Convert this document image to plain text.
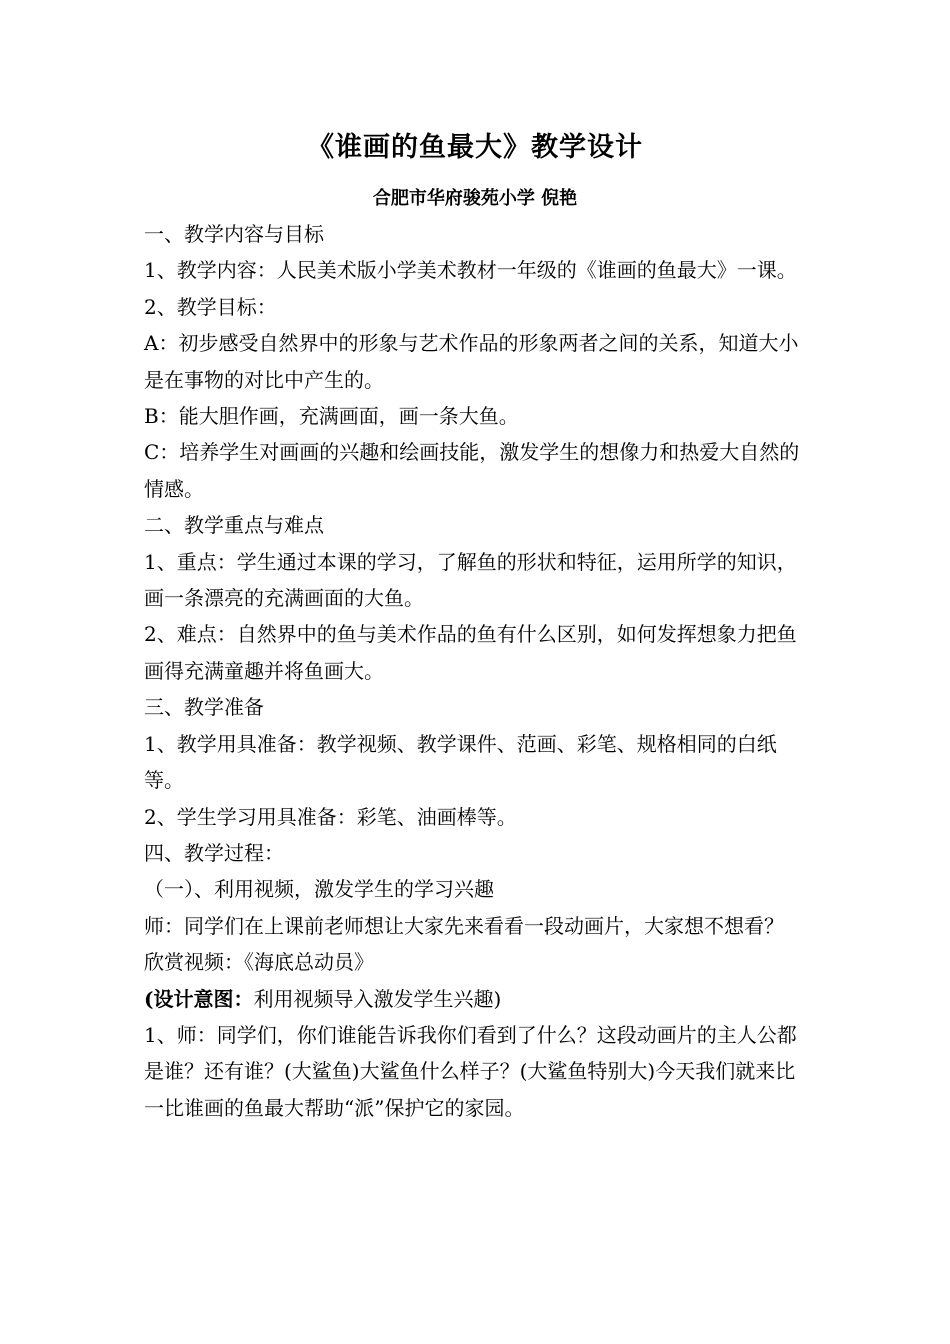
《谁画的鱼最大》教学设计
合肥市华府骏苑小学 倪艳

一、教学内容与目标

1、教学内容：人民美术版小学美术教材一年级的《谁画的鱼最大》一课。

2、教学目标：

A：初步感受自然界中的形象与艺术作品的形象两者之间的关系，知道大小是在事物的对比中产生的。

B：能大胆作画，充满画面，画一条大鱼。

C：培养学生对画画的兴趣和绘画技能，激发学生的想像力和热爱大自然的情感。

二、教学重点与难点

1、重点：学生通过本课的学习，了解鱼的形状和特征，运用所学的知识，画一条漂亮的充满画面的大鱼。

2、难点：自然界中的鱼与美术作品的鱼有什么区别，如何发挥想象力把鱼画得充满童趣并将鱼画大。

三、教学准备

1、教学用具准备：教学视频、教学课件、范画、彩笔、规格相同的白纸等。

2、学生学习用具准备：彩笔、油画棒等。

四、教学过程：

（一）、利用视频，激发学生的学习兴趣

师：同学们在上课前老师想让大家先来看看一段动画片，大家想不想看？

欣赏视频：《海底总动员》

(设计意图：利用视频导入激发学生兴趣)

1、师：同学们，你们谁能告诉我你们看到了什么？这段动画片的主人公都是谁？还有谁？(大鲨鱼)大鲨鱼什么样子？(大鲨鱼特别大)今天我们就来比一比谁画的鱼最大帮助“派”保护它的家园。
